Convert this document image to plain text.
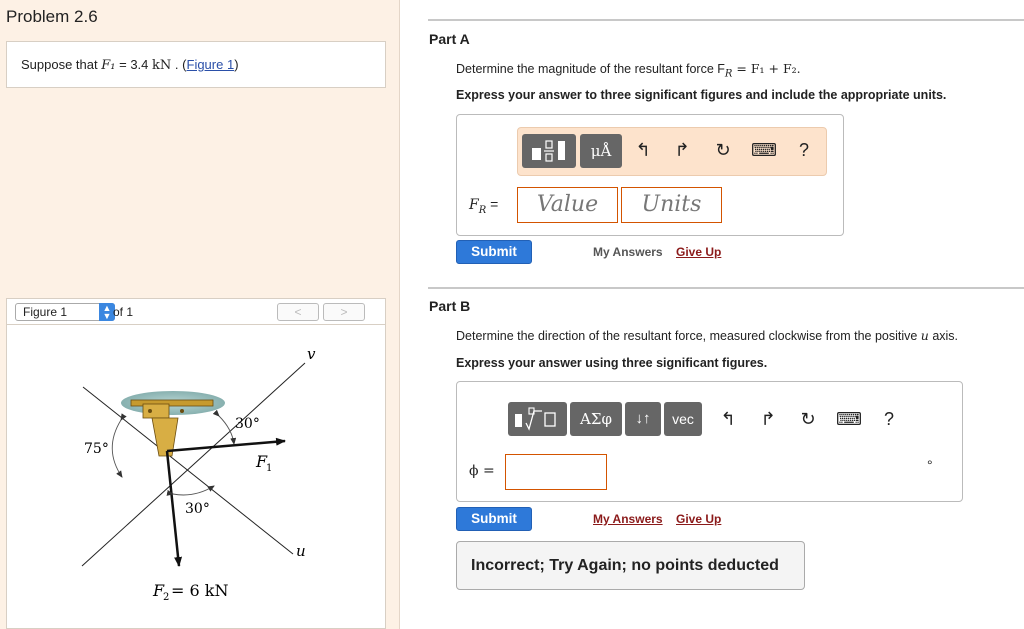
Problem 2.6
Suppose that F₁ = 3.4 kN . (Figure 1)
Figure 1	▲
▼ of 1	<	>
v
u
75°
30°
30°
F
1
F
2 = 6 kN
Part A
Determine the magnitude of the resultant force $F_R = F_1 + F_2$.
Express your answer to three significant figures and include the appropriate units.
μÅ	↰	↱	↻	⌨	?
$F_R$ =	Value	Units
Submit	My Answers Give Up
Part B
Determine the direction of the resultant force, measured clockwise from the positive u axis.
Express your answer using three significant figures.
ΑΣφ	↓↑	vec	↰	↱	↻	⌨	?
ϕ =	°
Submit	My Answers Give Up
Incorrect; Try Again; no points deducted
